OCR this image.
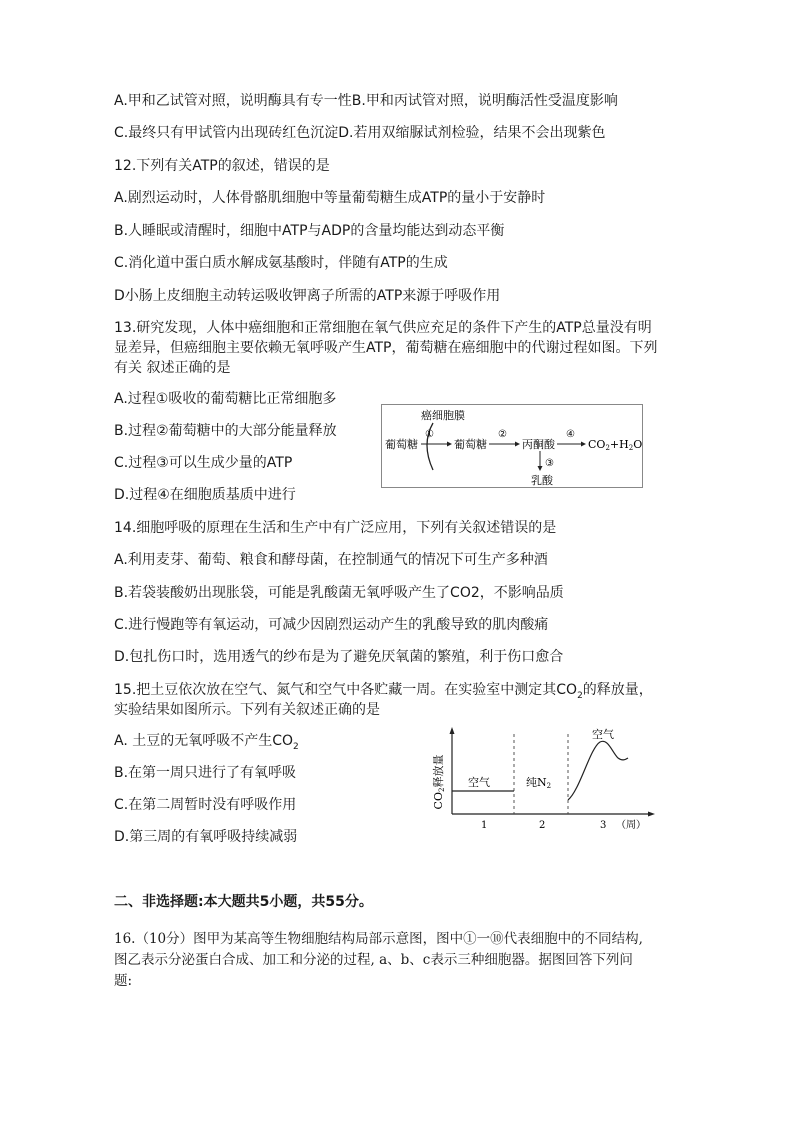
A.甲和乙试管对照，说明酶具有专一性B.甲和丙试管对照，说明酶活性受温度影响
C.最终只有甲试管内出现砖红色沉淀D.若用双缩脲试剂检验，结果不会出现紫色
12.下列有关ATP的叙述，错误的是
A.剧烈运动时，人体骨骼肌细胞中等量葡萄糖生成ATP的量小于安静时
B.人睡眠或清醒时，细胞中ATP与ADP的含量均能达到动态平衡
C.消化道中蛋白质水解成氨基酸时，伴随有ATP的生成
D小肠上皮细胞主动转运吸收钾离子所需的ATP来源于呼吸作用
13.研究发现，人体中癌细胞和正常细胞在氧气供应充足的条件下产生的ATP总量没有明
显差异，但癌细胞主要依赖无氧呼吸产生ATP，葡萄糖在癌细胞中的代谢过程如图。下列
有关 叙述正确的是
A.过程①吸收的葡萄糖比正常细胞多
B.过程②葡萄糖中的大部分能量释放
C.过程③可以生成少量的ATP
D.过程④在细胞质基质中进行
癌细胞膜
葡萄糖
①
葡萄糖
②
丙酮酸
④
CO2+H2O
③
乳酸
14.细胞呼吸的原理在生活和生产中有广泛应用，下列有关叙述错误的是
A.利用麦芽、葡萄、粮食和酵母菌，在控制通气的情况下可生产多种酒
B.若袋装酸奶出现胀袋，可能是乳酸菌无氧呼吸产生了CO2，不影响品质
C.进行慢跑等有氧运动，可减少因剧烈运动产生的乳酸导致的肌肉酸痛
D.包扎伤口时，选用透气的纱布是为了避免厌氧菌的繁殖，利于伤口愈合
15.把土豆依次放在空气、氮气和空气中各贮藏一周。在实验室中测定其$CO_2$的释放量，
实验结果如图所示。下列有关叙述正确的是
A. 土豆的无氧呼吸不产生$CO_2$
B.在第一周只进行了有氧呼吸
C.在第二周暂时没有呼吸作用
D.第三周的有氧呼吸持续减弱
CO2释放量 空气	纯N2
空气
1	2	3 （周）
二、非选择题:本大题共5小题，共55分。
16.（10分）图甲为某高等生物细胞结构局部示意图，图中①一⑩代表细胞中的不同结构,
图乙表示分泌蛋白合成、加工和分泌的过程, a、b、c表示三种细胞器。据图回答下列问
题:
